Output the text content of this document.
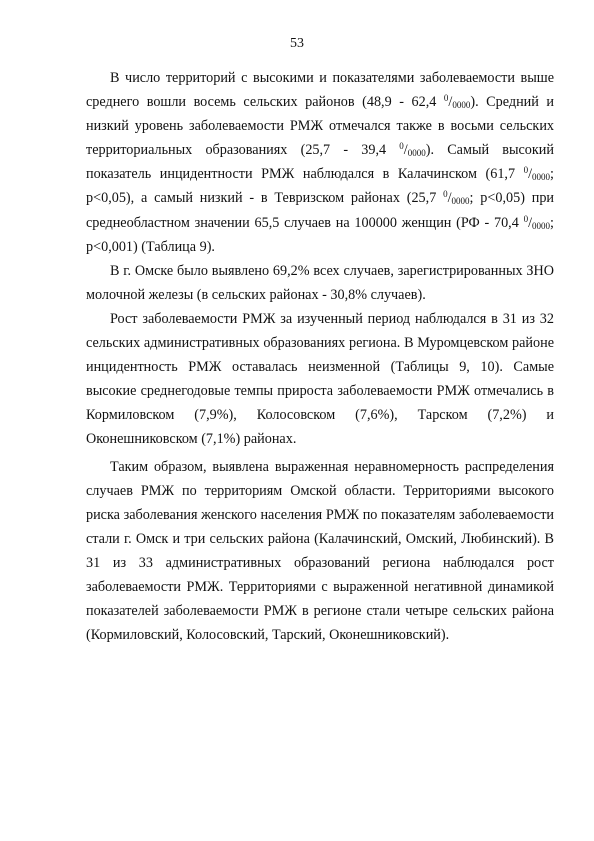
53

В число территорий с высокими и показателями заболеваемости выше среднего вошли восемь сельских районов (48,9 - 62,4 $^0/_{0000}$). Средний и низкий уровень заболеваемости РМЖ отмечался также в восьми сельских территориальных образованиях (25,7 - 39,4 $^0/_{0000}$). Самый высокий показатель инцидентности РМЖ наблюдался в Калачинском (61,7 $^0/_{0000}$; p<0,05), а самый низкий - в Тевризском районах (25,7 $^0/_{0000}$; p<0,05) при среднеобластном значении 65,5 случаев на 100000 женщин (РФ - 70,4 $^0/_{0000}$; p<0,001) (Таблица 9).

В г. Омске было выявлено 69,2% всех случаев, зарегистрированных ЗНО молочной железы (в сельских районах - 30,8% случаев).

Рост заболеваемости РМЖ за изученный период наблюдался в 31 из 32 сельских административных образованиях региона. В Муромцевском районе инцидентность РМЖ оставалась неизменной (Таблицы 9, 10). Самые высокие среднегодовые темпы прироста заболеваемости РМЖ отмечались в Кормиловском (7,9%), Колосовском (7,6%), Тарском (7,2%) и Оконешниковском (7,1%) районах.

Таким образом, выявлена выраженная неравномерность распределения случаев РМЖ по территориям Омской области. Территориями высокого риска заболевания женского населения РМЖ по показателям заболеваемости стали г. Омск и три сельских района (Калачинский, Омский, Любинский). В 31 из 33 административных образований региона наблюдался рост заболеваемости РМЖ. Территориями с выраженной негативной динамикой показателей заболеваемости РМЖ в регионе стали четыре сельских района (Кормиловский, Колосовский, Тарский, Оконешниковский).
